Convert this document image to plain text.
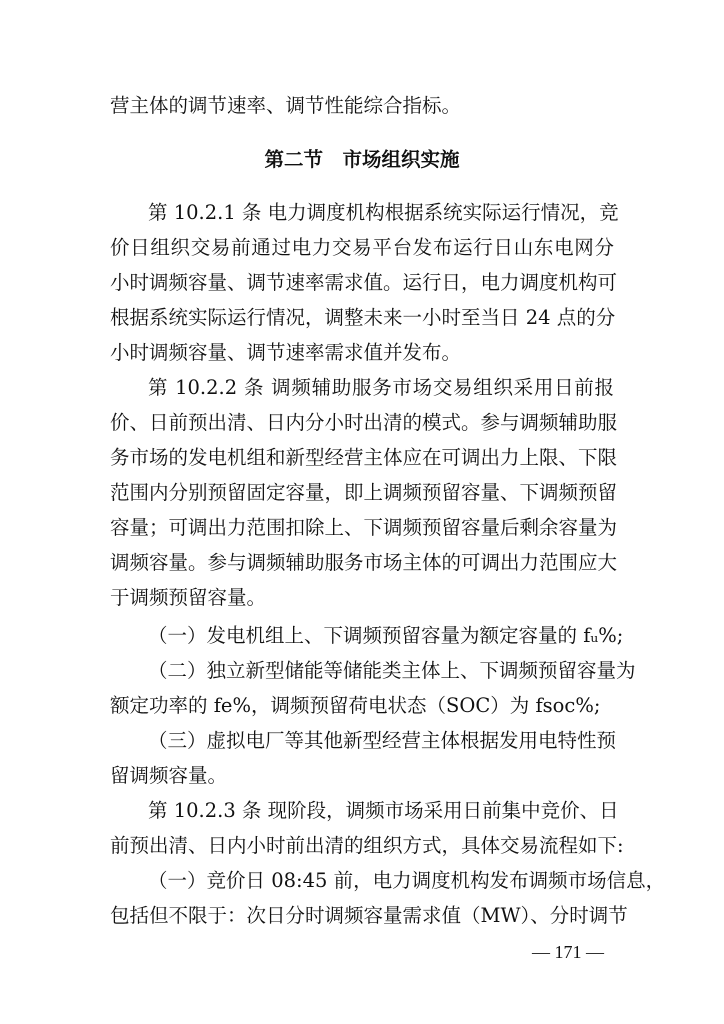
营主体的调节速率、调节性能综合指标。
第二节　市场组织实施
第 10.2.1 条 电力调度机构根据系统实际运行情况，竞
价日组织交易前通过电力交易平台发布运行日山东电网分
小时调频容量、调节速率需求值。运行日，电力调度机构可
根据系统实际运行情况，调整未来一小时至当日 24 点的分
小时调频容量、调节速率需求值并发布。
第 10.2.2 条 调频辅助服务市场交易组织采用日前报
价、日前预出清、日内分小时出清的模式。参与调频辅助服
务市场的发电机组和新型经营主体应在可调出力上限、下限
范围内分别预留固定容量，即上调频预留容量、下调频预留
容量；可调出力范围扣除上、下调频预留容量后剩余容量为
调频容量。参与调频辅助服务市场主体的可调出力范围应大
于调频预留容量。
（一）发电机组上、下调频预留容量为额定容量的 fᵤ%;
（二）独立新型储能等储能类主体上、下调频预留容量为
额定功率的 fe%，调频预留荷电状态（SOC）为 fsoc%;
（三）虚拟电厂等其他新型经营主体根据发用电特性预
留调频容量。
第 10.2.3 条 现阶段，调频市场采用日前集中竞价、日
前预出清、日内小时前出清的组织方式，具体交易流程如下:
（一）竞价日 08:45 前，电力调度机构发布调频市场信息，
包括但不限于：次日分时调频容量需求值（MW）、分时调节
— 171 —
